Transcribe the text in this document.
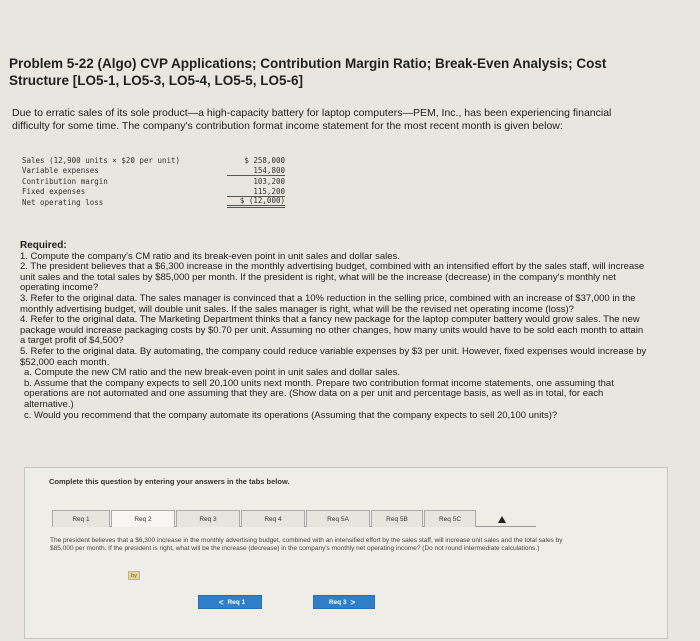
Problem 5-22 (Algo) CVP Applications; Contribution Margin Ratio; Break-Even Analysis; Cost Structure [LO5-1, LO5-3, LO5-4, LO5-5, LO5-6]
Due to erratic sales of its sole product—a high-capacity battery for laptop computers—PEM, Inc., has been experiencing financial difficulty for some time. The company's contribution format income statement for the most recent month is given below:
Sales (12,900 units × $20 per unit)	$ 258,000
Variable expenses	154,800
Contribution margin	103,200
Fixed expenses	115,200
Net operating loss	$ (12,000)
Required:
1. Compute the company's CM ratio and its break-even point in unit sales and dollar sales.
2. The president believes that a $6,300 increase in the monthly advertising budget, combined with an intensified effort by the sales staff, will increase unit sales and the total sales by $85,000 per month. If the president is right, what will be the increase (decrease) in the company's monthly net operating income?
3. Refer to the original data. The sales manager is convinced that a 10% reduction in the selling price, combined with an increase of $37,000 in the monthly advertising budget, will double unit sales. If the sales manager is right, what will be the revised net operating income (loss)?
4. Refer to the original data. The Marketing Department thinks that a fancy new package for the laptop computer battery would grow sales. The new package would increase packaging costs by $0.70 per unit. Assuming no other changes, how many units would have to be sold each month to attain a target profit of $4,500?
5. Refer to the original data. By automating, the company could reduce variable expenses by $3 per unit. However, fixed expenses would increase by $52,000 each month.
a. Compute the new CM ratio and the new break-even point in unit sales and dollar sales.
b. Assume that the company expects to sell 20,100 units next month. Prepare two contribution format income statements, one assuming that operations are not automated and one assuming that they are. (Show data on a per unit and percentage basis, as well as in total, for each alternative.)
c. Would you recommend that the company automate its operations (Assuming that the company expects to sell 20,100 units)?
Complete this question by entering your answers in the tabs below.
Req 1	Req 2	Req 3	Req 4	Req 5A	Req 5B	Req 5C
The president believes that a $6,300 increase in the monthly advertising budget, combined with an intensified effort by the sales staff, will increase unit sales and the total sales by $85,000 per month. If the president is right, what will be the increase (decrease) in the company's monthly net operating income? (Do not round intermediate calculations.)
by
< Req 1	Req 3 >
